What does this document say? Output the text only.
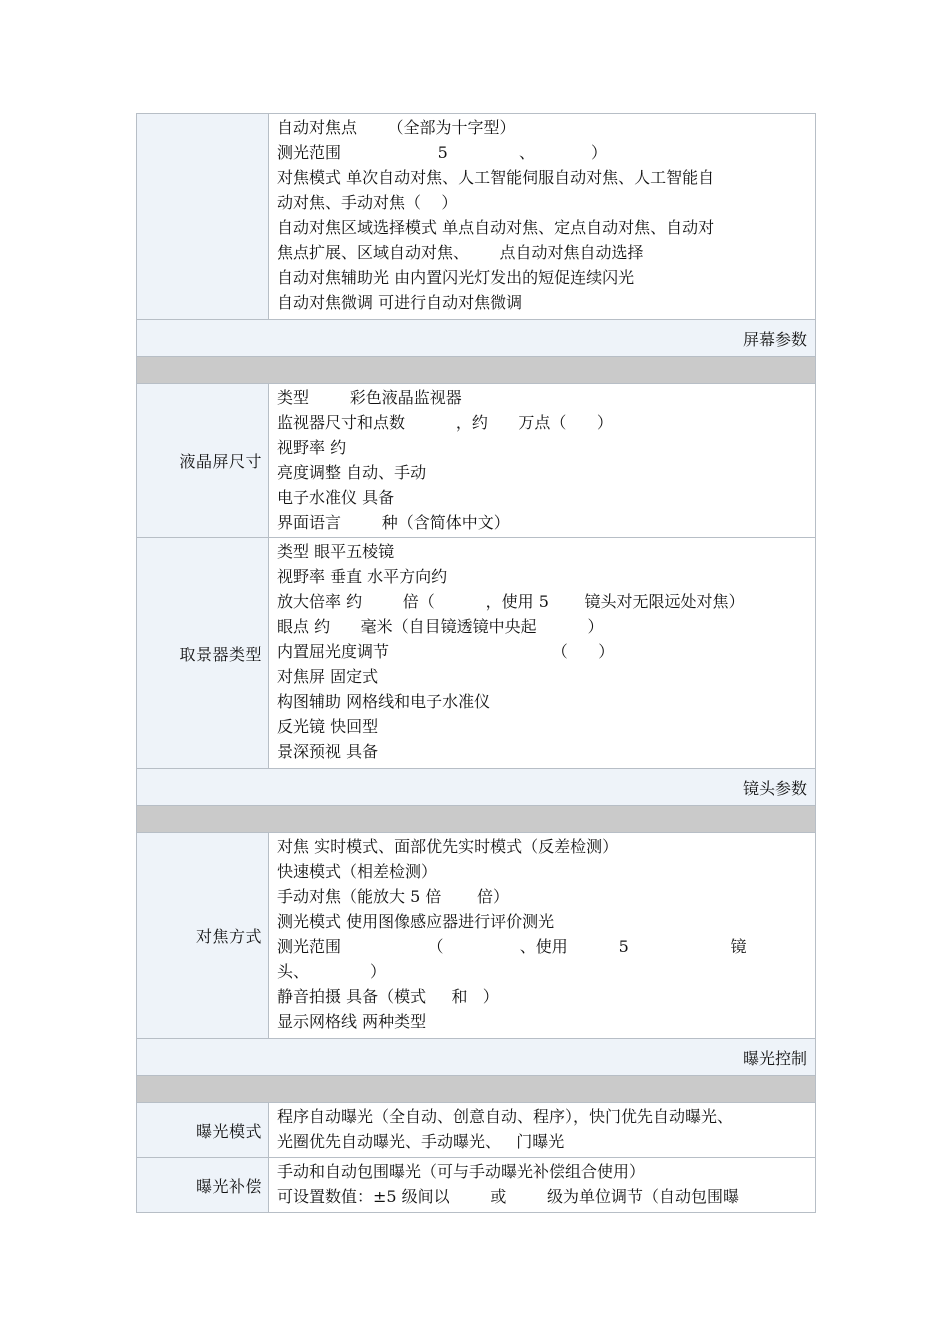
自动对焦点      （全部为十字型）
测光范围                   5              、           ）
对焦模式 单次自动对焦、人工智能伺服自动对焦、人工智能自
动对焦、手动对焦（    ）
自动对焦区域选择模式 单点自动对焦、定点自动对焦、自动对
焦点扩展、区域自动对焦、      点自动对焦自动选择
自动对焦辅助光 由内置闪光灯发出的短促连续闪光
自动对焦微调 可进行自动对焦微调
屏幕参数
液晶屏尺寸
类型        彩色液晶监视器
监视器尺寸和点数          ，约      万点（      ）
视野率 约
亮度调整 自动、手动
电子水准仪 具备
界面语言        种（含简体中文）
取景器类型
类型 眼平五棱镜
视野率 垂直 水平方向约
放大倍率 约        倍（          ，使用 5       镜头对无限远处对焦）
眼点 约      毫米（自目镜透镜中央起          ）
内置屈光度调节                                （      ）
对焦屏 固定式
构图辅助 网格线和电子水准仪
反光镜 快回型
景深预视 具备
镜头参数
对焦方式
对焦 实时模式、面部优先实时模式（反差检测）
快速模式（相差检测）
手动对焦（能放大 5 倍       倍）
测光模式 使用图像感应器进行评价测光
测光范围                 （               、使用          5                    镜
头、            ）
静音拍摄 具备（模式     和   ）
显示网格线 两种类型
曝光控制
曝光模式
程序自动曝光（全自动、创意自动、程序），快门优先自动曝光、
光圈优先自动曝光、手动曝光、   门曝光
曝光补偿
手动和自动包围曝光（可与手动曝光补偿组合使用）
可设置数值：±5 级间以        或        级为单位调节（自动包围曝
